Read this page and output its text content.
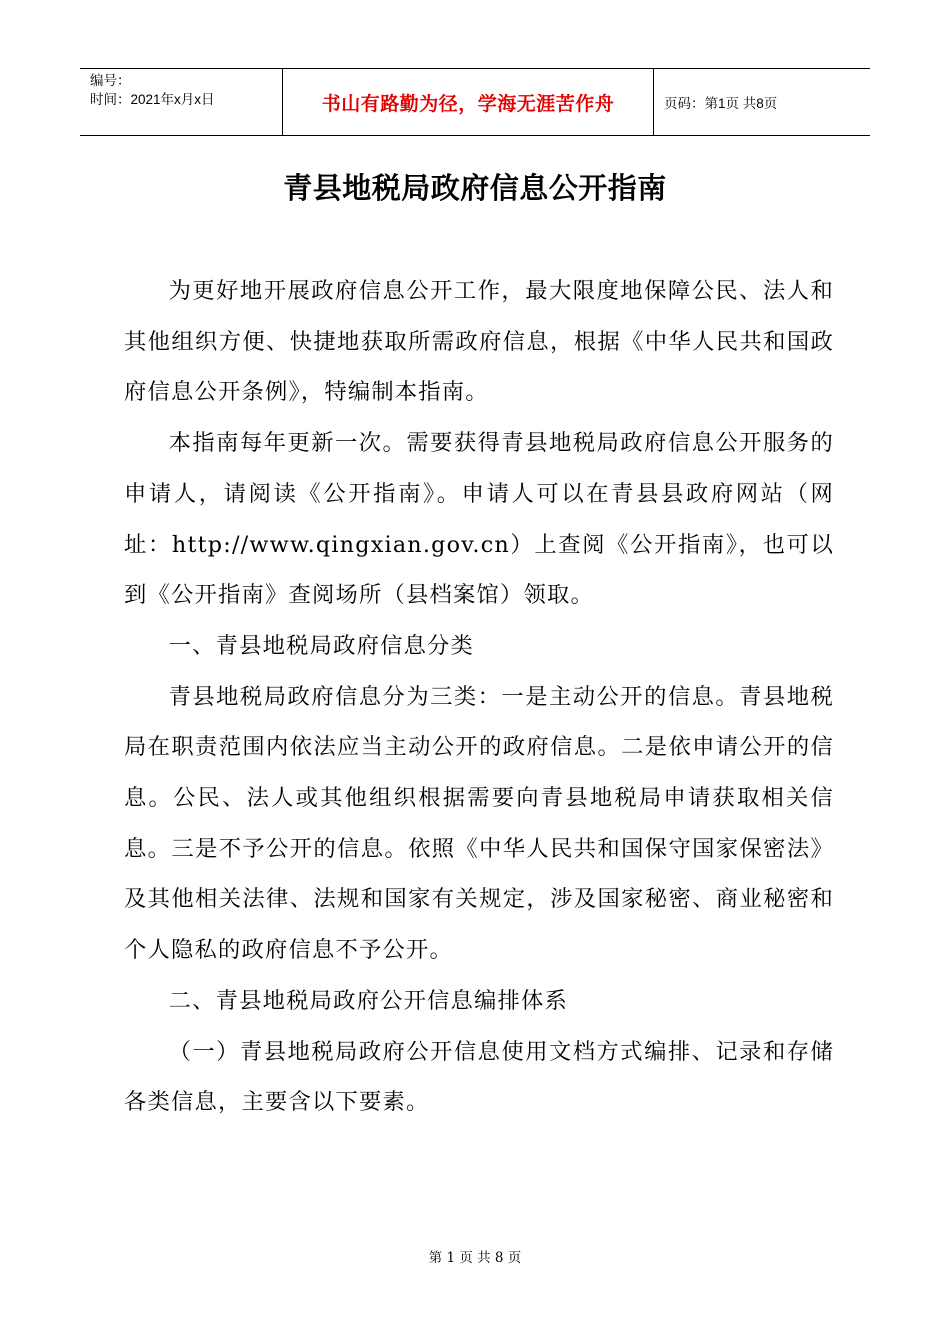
编号：
时间：2021年x月x日	书山有路勤为径，学海无涯苦作舟	页码：第1页 共8页
青县地税局政府信息公开指南

为更好地开展政府信息公开工作，最大限度地保障公民、法人和其他组织方便、快捷地获取所需政府信息，根据《中华人民共和国政府信息公开条例》，特编制本指南。

本指南每年更新一次。需要获得青县地税局政府信息公开服务的申请人，请阅读《公开指南》。申请人可以在青县县政府网站（网址：http://www.qingxian.gov.cn）上查阅《公开指南》，也可以到《公开指南》查阅场所（县档案馆）领取。

一、青县地税局政府信息分类

青县地税局政府信息分为三类：一是主动公开的信息。青县地税局在职责范围内依法应当主动公开的政府信息。二是依申请公开的信息。公民、法人或其他组织根据需要向青县地税局申请获取相关信息。三是不予公开的信息。依照《中华人民共和国保守国家保密法》及其他相关法律、法规和国家有关规定，涉及国家秘密、商业秘密和个人隐私的政府信息不予公开。

二、青县地税局政府公开信息编排体系

（一）青县地税局政府公开信息使用文档方式编排、记录和存储各类信息，主要含以下要素。

第 1 页 共 8 页
